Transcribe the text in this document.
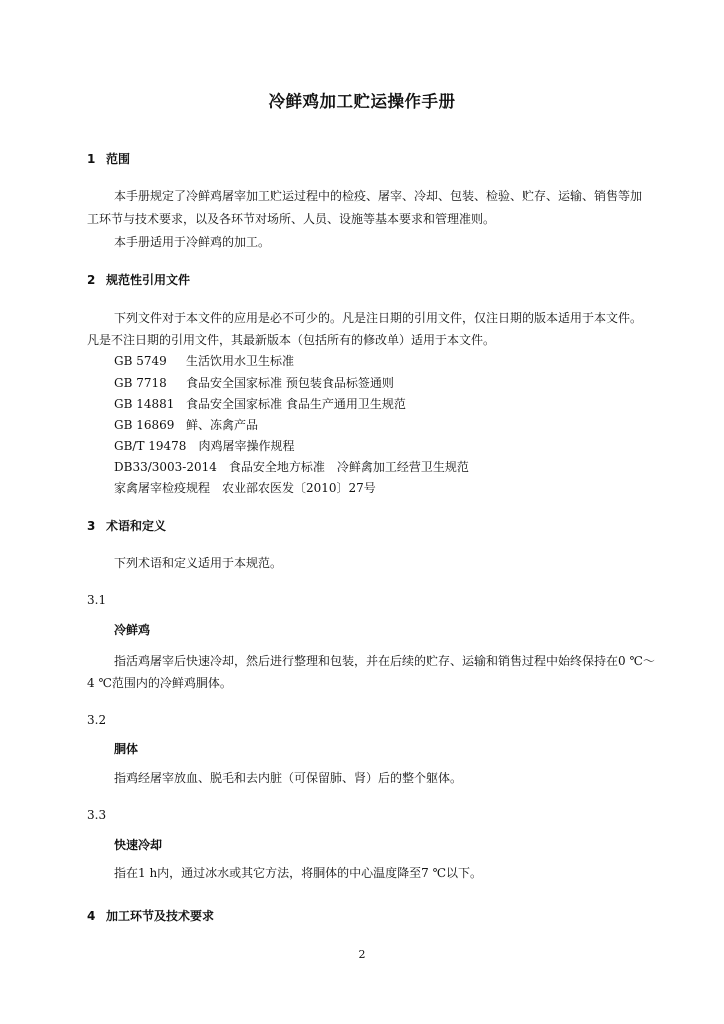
冷鲜鸡加工贮运操作手册
1 范围
本手册规定了冷鲜鸡屠宰加工贮运过程中的检疫、屠宰、冷却、包装、检验、贮存、运输、销售等加
工环节与技术要求，以及各环节对场所、人员、设施等基本要求和管理准则。
本手册适用于冷鲜鸡的加工。
2 规范性引用文件
下列文件对于本文件的应用是必不可少的。凡是注日期的引用文件，仅注日期的版本适用于本文件。
凡是不注日期的引用文件，其最新版本（包括所有的修改单）适用于本文件。
GB 5749 生活饮用水卫生标准
GB 7718 食品安全国家标准 预包装食品标签通则
GB 14881 食品安全国家标准 食品生产通用卫生规范
GB 16869 鲜、冻禽产品
GB/T 19478　肉鸡屠宰操作规程
DB33/3003-2014　食品安全地方标准　冷鲜禽加工经营卫生规范
家禽屠宰检疫规程　农业部农医发〔2010〕27号
3 术语和定义
下列术语和定义适用于本规范。
3.1
冷鲜鸡
指活鸡屠宰后快速冷却，然后进行整理和包装，并在后续的贮存、运输和销售过程中始终保持在0 ℃～
4 ℃范围内的冷鲜鸡胴体。
3.2
胴体
指鸡经屠宰放血、脱毛和去内脏（可保留肺、肾）后的整个躯体。
3.3
快速冷却
指在1 h内，通过冰水或其它方法，将胴体的中心温度降至7 ℃以下。
4 加工环节及技术要求
2
